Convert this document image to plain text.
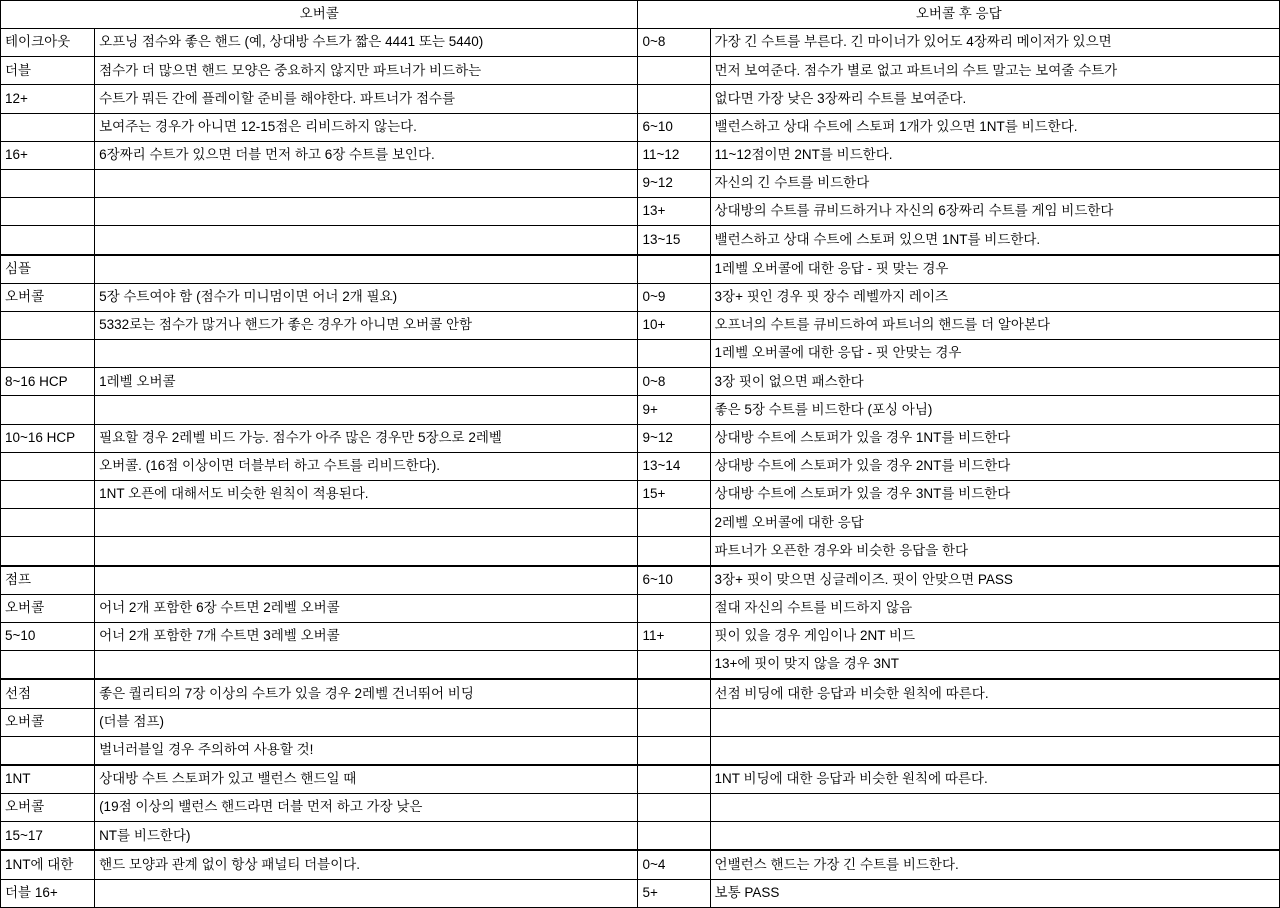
오버콜		오버콜 후 응답	
테이크아웃	오프닝 점수와 좋은 핸드 (예, 상대방 수트가 짧은 4441 또는 5440)	0~8	가장 긴 수트를 부른다. 긴 마이너가 있어도 4장짜리 메이저가 있으면
더블	점수가 더 많으면 핸드 모양은 중요하지 않지만 파트너가 비드하는		먼저 보여준다. 점수가 별로 없고 파트너의 수트 말고는 보여줄 수트가
12+	수트가 뭐든 간에 플레이할 준비를 해야한다. 파트너가 점수를		없다면 가장 낮은 3장짜리 수트를 보여준다.
	보여주는 경우가 아니면 12-15점은 리비드하지 않는다.	6~10	밸런스하고 상대 수트에 스토퍼 1개가 있으면 1NT를 비드한다.
16+	6장짜리 수트가 있으면 더블 먼저 하고 6장 수트를 보인다.	11~12	11~12점이면 2NT를 비드한다.
		9~12	자신의 긴 수트를 비드한다
		13+	상대방의 수트를 큐비드하거나 자신의 6장짜리 수트를 게임 비드한다
		13~15	밸런스하고 상대 수트에 스토퍼 있으면 1NT를 비드한다.
심플			1레벨 오버콜에 대한 응답 - 핏 맞는 경우
오버콜	5장 수트여야 함 (점수가 미니멈이면 어너 2개 필요)	0~9	3장+ 핏인 경우 핏 장수 레벨까지 레이즈
	5332로는 점수가 많거나 핸드가 좋은 경우가 아니면 오버콜 안함	10+	오프너의 수트를 큐비드하여 파트너의 핸드를 더 알아본다
			1레벨 오버콜에 대한 응답 - 핏 안맞는 경우
8~16 HCP	1레벨 오버콜	0~8	3장 핏이 없으면 패스한다
		9+	좋은 5장 수트를 비드한다 (포싱 아님)
10~16 HCP	필요할 경우 2레벨 비드 가능. 점수가 아주 많은 경우만 5장으로 2레벨	9~12	상대방 수트에 스토퍼가 있을 경우 1NT를 비드한다
	오버콜. (16점 이상이면 더블부터 하고 수트를 리비드한다).	13~14	상대방 수트에 스토퍼가 있을 경우 2NT를 비드한다
	1NT 오픈에 대해서도 비슷한 원칙이 적용된다.	15+	상대방 수트에 스토퍼가 있을 경우 3NT를 비드한다
			2레벨 오버콜에 대한 응답
			파트너가 오픈한 경우와 비슷한 응답을 한다
점프		6~10	3장+ 핏이 맞으면 싱글레이즈. 핏이 안맞으면 PASS
오버콜	어너 2개 포함한 6장 수트면 2레벨 오버콜		절대 자신의 수트를 비드하지 않음
5~10	어너 2개 포함한 7개 수트면 3레벨 오버콜	11+	핏이 있을 경우 게임이나 2NT 비드
			13+에 핏이 맞지 않을 경우 3NT
선점	좋은 퀄리티의 7장 이상의 수트가 있을 경우 2레벨 건너뛰어 비딩		선점 비딩에 대한 응답과 비슷한 원칙에 따른다.
오버콜	(더블 점프)		
	벌너러블일 경우 주의하여 사용할 것!		
1NT	상대방 수트 스토퍼가 있고 밸런스 핸드일 때		1NT 비딩에 대한 응답과 비슷한 원칙에 따른다.
오버콜	(19점 이상의 밸런스 핸드라면 더블 먼저 하고 가장 낮은		
15~17	NT를 비드한다)		
1NT에 대한	핸드 모양과 관계 없이 항상 패널티 더블이다.	0~4	언밸런스 핸드는 가장 긴 수트를 비드한다.
더블 16+		5+	보통 PASS
